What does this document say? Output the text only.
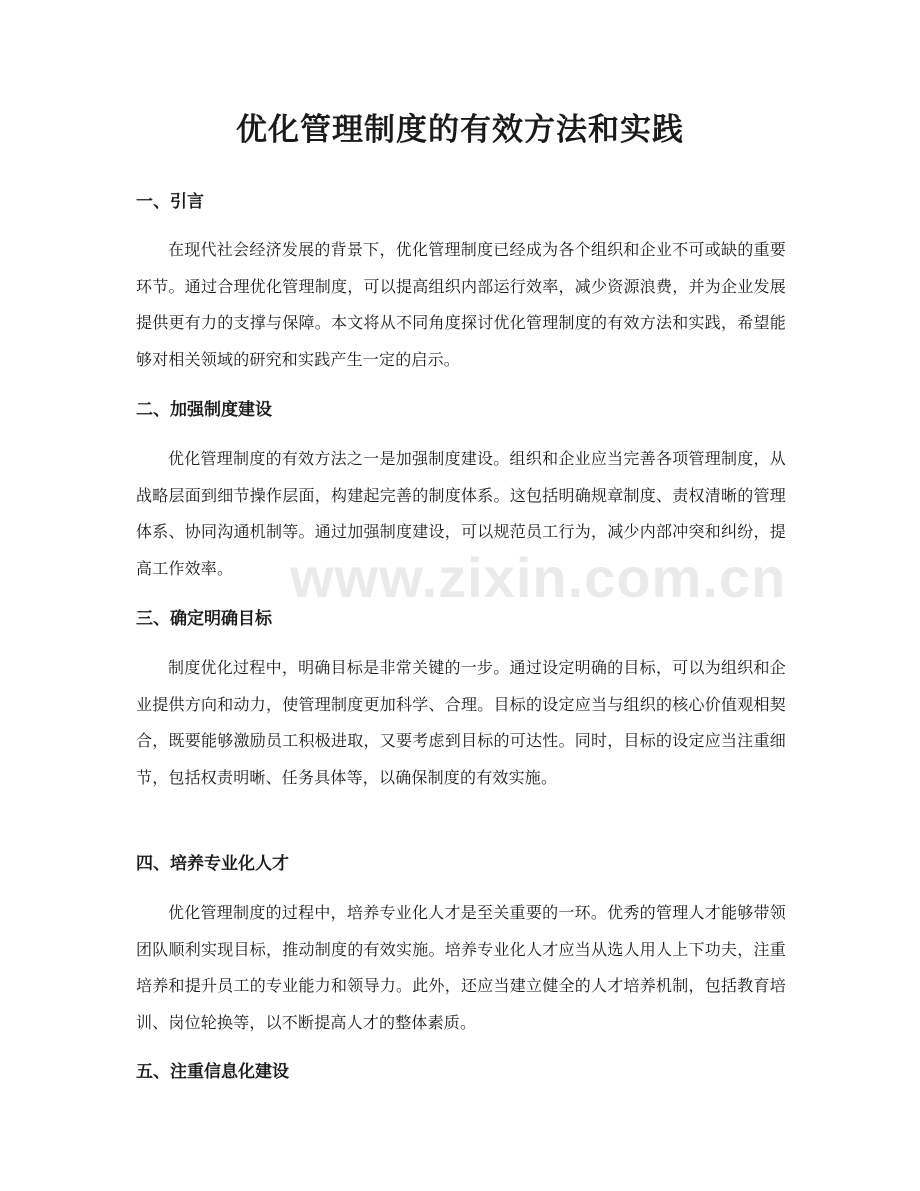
优化管理制度的有效方法和实践
一、引言

在现代社会经济发展的背景下，优化管理制度已经成为各个组织和企业不可或缺的重要环节。通过合理优化管理制度，可以提高组织内部运行效率，减少资源浪费，并为企业发展提供更有力的支撑与保障。本文将从不同角度探讨优化管理制度的有效方法和实践，希望能够对相关领域的研究和实践产生一定的启示。

二、加强制度建设

优化管理制度的有效方法之一是加强制度建设。组织和企业应当完善各项管理制度，从战略层面到细节操作层面，构建起完善的制度体系。这包括明确规章制度、责权清晰的管理体系、协同沟通机制等。通过加强制度建设，可以规范员工行为，减少内部冲突和纠纷，提高工作效率。

三、确定明确目标

制度优化过程中，明确目标是非常关键的一步。通过设定明确的目标，可以为组织和企业提供方向和动力，使管理制度更加科学、合理。目标的设定应当与组织的核心价值观相契合，既要能够激励员工积极进取，又要考虑到目标的可达性。同时，目标的设定应当注重细节，包括权责明晰、任务具体等，以确保制度的有效实施。

四、培养专业化人才

优化管理制度的过程中，培养专业化人才是至关重要的一环。优秀的管理人才能够带领团队顺利实现目标，推动制度的有效实施。培养专业化人才应当从选人用人上下功夫，注重培养和提升员工的专业能力和领导力。此外，还应当建立健全的人才培养机制，包括教育培训、岗位轮换等，以不断提高人才的整体素质。

五、注重信息化建设
www.zixin.com.cn
